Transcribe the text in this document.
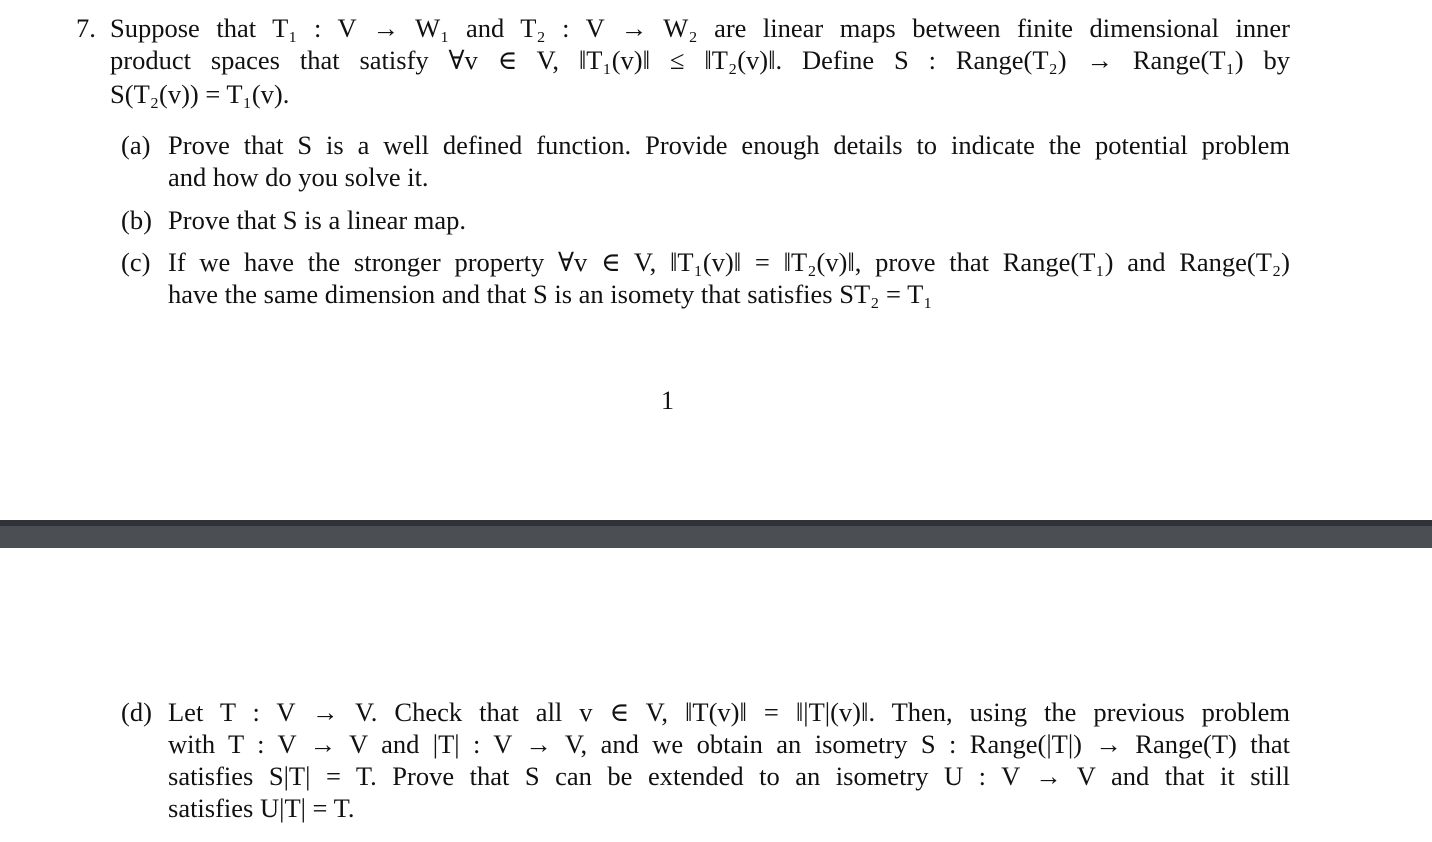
7. Suppose that T₁ : V → W₁ and T₂ : V → W₂ are linear maps between finite dimensional inner
product spaces that satisfy ∀v ∈ V, ‖T₁(v)‖ ≤ ‖T₂(v)‖. Define S : Range(T₂) → Range(T₁) by
S(T₂(v)) = T₁(v).
(a) Prove that S is a well defined function. Provide enough details to indicate the potential problem
and how do you solve it.
(b) Prove that S is a linear map.
(c) If we have the stronger property ∀v ∈ V, ‖T₁(v)‖ = ‖T₂(v)‖, prove that Range(T₁) and Range(T₂)
have the same dimension and that S is an isomety that satisfies ST₂ = T₁
1
(d) Let T : V → V. Check that all v ∈ V, ‖T(v)‖ = ‖|T|(v)‖. Then, using the previous problem
with T : V → V and |T| : V → V, and we obtain an isometry S : Range(|T|) → Range(T) that
satisfies S|T| = T. Prove that S can be extended to an isometry U : V → V and that it still
satisfies U|T| = T.
